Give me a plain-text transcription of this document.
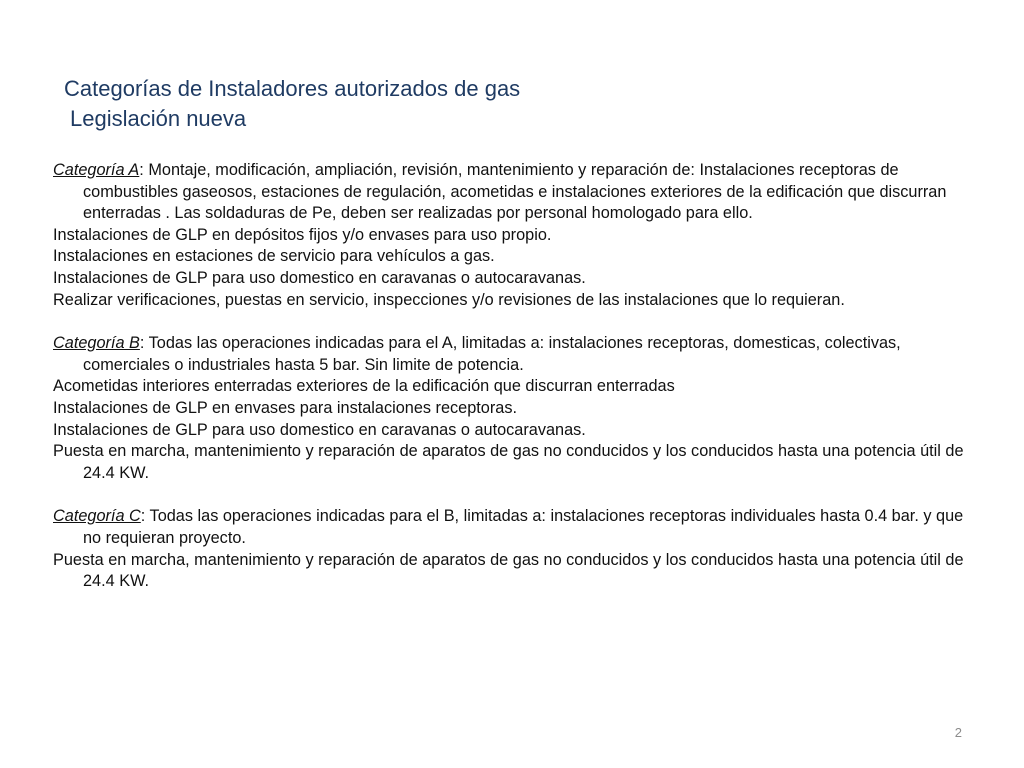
Categorías de Instaladores autorizados de gas
Legislación nueva
Categoría A: Montaje, modificación, ampliación, revisión, mantenimiento y reparación de: Instalaciones receptoras de combustibles gaseosos, estaciones de regulación, acometidas e instalaciones exteriores de la edificación que discurran enterradas . Las soldaduras de Pe, deben ser realizadas por personal homologado para ello.
Instalaciones de GLP en depósitos fijos y/o envases para uso propio.
Instalaciones en estaciones de servicio para vehículos a gas.
Instalaciones de GLP para uso domestico en caravanas o autocaravanas.
Realizar verificaciones, puestas en servicio, inspecciones y/o revisiones de las instalaciones que lo requieran.
Categoría B: Todas las operaciones indicadas para el A, limitadas a: instalaciones receptoras, domesticas, colectivas, comerciales o industriales hasta 5 bar. Sin limite de potencia.
Acometidas interiores enterradas exteriores de la edificación que discurran enterradas
Instalaciones de GLP en envases para instalaciones receptoras.
Instalaciones de GLP para uso domestico en caravanas o autocaravanas.
Puesta en marcha, mantenimiento y reparación de aparatos de gas no conducidos y los conducidos hasta una potencia útil de 24.4 KW.
Categoría C: Todas las operaciones indicadas para el B, limitadas a: instalaciones receptoras individuales hasta 0.4 bar. y que no requieran proyecto.
Puesta en marcha, mantenimiento y reparación de aparatos de gas no conducidos y los conducidos hasta una potencia útil de 24.4 KW.
2
